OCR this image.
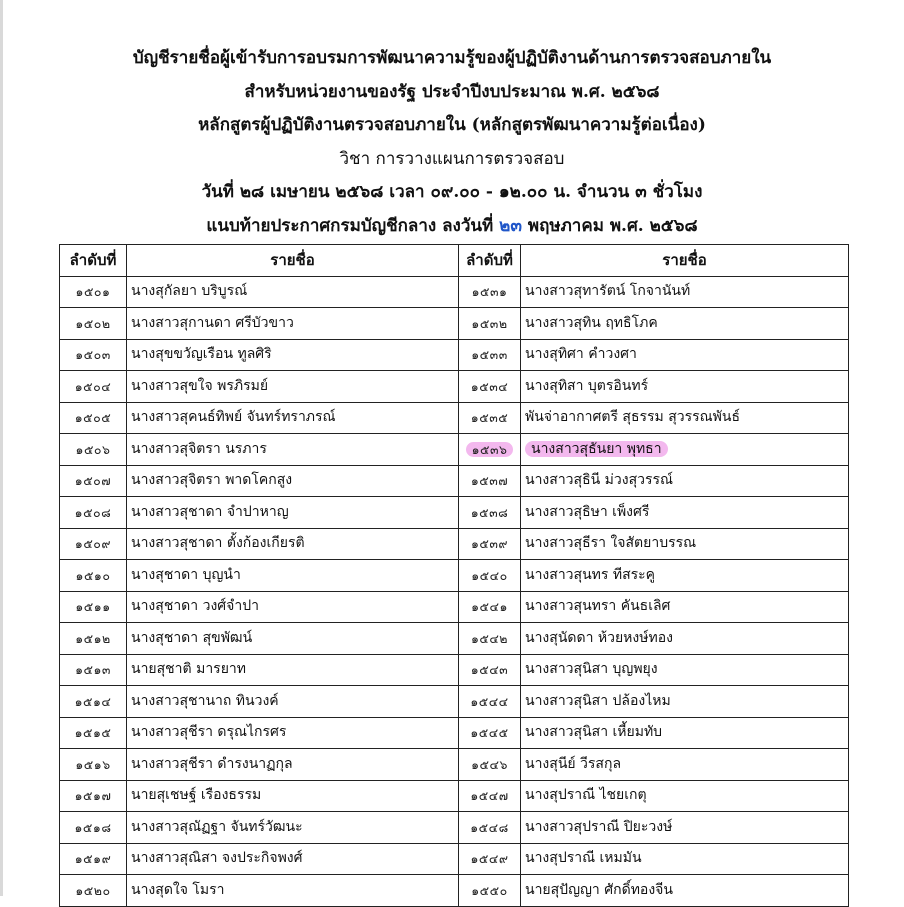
บัญชีรายชื่อผู้เข้ารับการอบรมการพัฒนาความรู้ของผู้ปฏิบัติงานด้านการตรวจสอบภายใน
สำหรับหน่วยงานของรัฐ ประจำปีงบประมาณ พ.ศ. ๒๕๖๘
หลักสูตรผู้ปฏิบัติงานตรวจสอบภายใน (หลักสูตรพัฒนาความรู้ต่อเนื่อง)
วิชา การวางแผนการตรวจสอบ
วันที่ ๒๘ เมษายน ๒๕๖๘ เวลา ๐๙.๐๐ - ๑๒.๐๐ น. จำนวน ๓ ชั่วโมง
แนบท้ายประกาศกรมบัญชีกลาง ลงวันที่ ๒๓ พฤษภาคม พ.ศ. ๒๕๖๘
ลำดับที่	รายชื่อ	ลำดับที่	รายชื่อ
๑๕๐๑	นางสุกัลยา บริบูรณ์	๑๕๓๑	นางสาวสุทารัตน์ โกจานันท์
๑๕๐๒	นางสาวสุกานดา ศรีบัวขาว	๑๕๓๒	นางสาวสุทิน ฤทธิโภค
๑๕๐๓	นางสุขขวัญเรือน ทูลศิริ	๑๕๓๓	นางสุทิศา คำวงศา
๑๕๐๔	นางสาวสุขใจ พรภิรมย์	๑๕๓๔	นางสุทิสา บุตรอินทร์
๑๕๐๕	นางสาวสุคนธ์ทิพย์ จันทร์ทราภรณ์	๑๕๓๕	พันจ่าอากาศตรี สุธรรม สุวรรณพันธ์
๑๕๐๖	นางสาวสุจิตรา นรภาร	๑๕๓๖	นางสาวสุธันยา พุทธา
๑๕๐๗	นางสาวสุจิตรา พาดโคกสูง	๑๕๓๗	นางสาวสุธินี ม่วงสุวรรณ์
๑๕๐๘	นางสาวสุชาดา จำปาหาญ	๑๕๓๘	นางสาวสุธิษา เพ็งศรี
๑๕๐๙	นางสาวสุชาดา ตั้งก้องเกียรติ	๑๕๓๙	นางสาวสุธีรา ใจสัตยาบรรณ
๑๕๑๐	นางสุชาดา บุญนำ	๑๕๔๐	นางสาวสุนทร ทีสระคู
๑๕๑๑	นางสุชาดา วงศ์จำปา	๑๕๔๑	นางสาวสุนทรา คันธเลิศ
๑๕๑๒	นางสุชาดา สุขพัฒน์	๑๕๔๒	นางสุนัดดา ห้วยหงษ์ทอง
๑๕๑๓	นายสุชาติ มารยาท	๑๕๔๓	นางสาวสุนิสา บุญพยุง
๑๕๑๔	นางสาวสุชานาถ ทินวงค์	๑๕๔๔	นางสาวสุนิสา ปล้องไหม
๑๕๑๕	นางสาวสุชีรา ดรุณไกรศร	๑๕๔๕	นางสาวสุนิสา เหี้ยมทับ
๑๕๑๖	นางสาวสุชีรา ดำรงนาฏกุล	๑๕๔๖	นางสุนีย์ วีรสกุล
๑๕๑๗	นายสุเชษฐ์ เรืองธรรม	๑๕๔๗	นางสุปราณี ไชยเกตุ
๑๕๑๘	นางสาวสุณัฏฐา จันทร์วัฒนะ	๑๕๔๘	นางสาวสุปราณี ปิยะวงษ์
๑๕๑๙	นางสาวสุณิสา จงประกิจพงศ์	๑๕๔๙	นางสุปราณี เหมมัน
๑๕๒๐	นางสุดใจ โมรา	๑๕๕๐	นายสุปัญญา ศักดิ์ทองจีน
